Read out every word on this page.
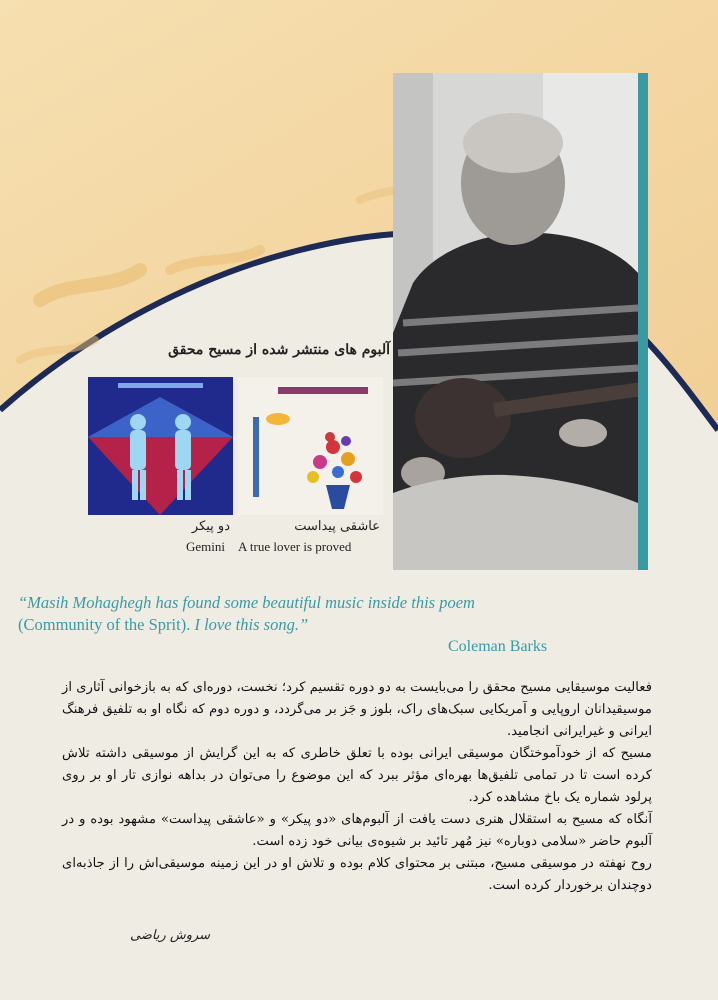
آلبوم های منتشر شده از مسیح محقق
دو پیکر
Gemini
عاشقی پیداست
A true lover is proved
“Masih Mohaghegh has found some beautiful music inside this poem
(Community of the Sprit). I love this song.”
Coleman Barks

فعالیت موسیقایی مسیح محقق را می‌بایست به دو دوره تقسیم کرد؛ نخست، دوره‌ای که به بازخوانی آثاری از موسیقیدانان اروپایی و آمریکایی سبک‌های راک، بلوز و جَز بر می‌گردد، و دوره دوم که نگاه او به تلفیق فرهنگ ایرانی و غیرایرانی انجامید.

مسیح که از خودآموختگان موسیقی ایرانی بوده با تعلق خاطری که به این گرایش از موسیقی داشته تلاش کرده است تا در تمامی تلفیق‌ها بهره‌ای مؤثر ببرد که این موضوع را می‌توان در بداهه نوازی تار او بر روی پرلود شماره یک باخ مشاهده کرد.

آنگاه که مسیح به استقلال هنری دست یافت از آلبوم‌های «دو پیکر» و «عاشقی پیداست» مشهود بوده و در آلبوم حاضر «سلامی دوباره» نیز مُهر تائید بر شیوه‌ی بیانی خود زده است.

روح نهفته در موسیقی مسیح، مبتنی بر محتوای کلام بوده و تلاش او در این زمینه موسیقی‌اش را از جاذبه‌ای دوچندان برخوردار کرده است.

سروش ریاضی
